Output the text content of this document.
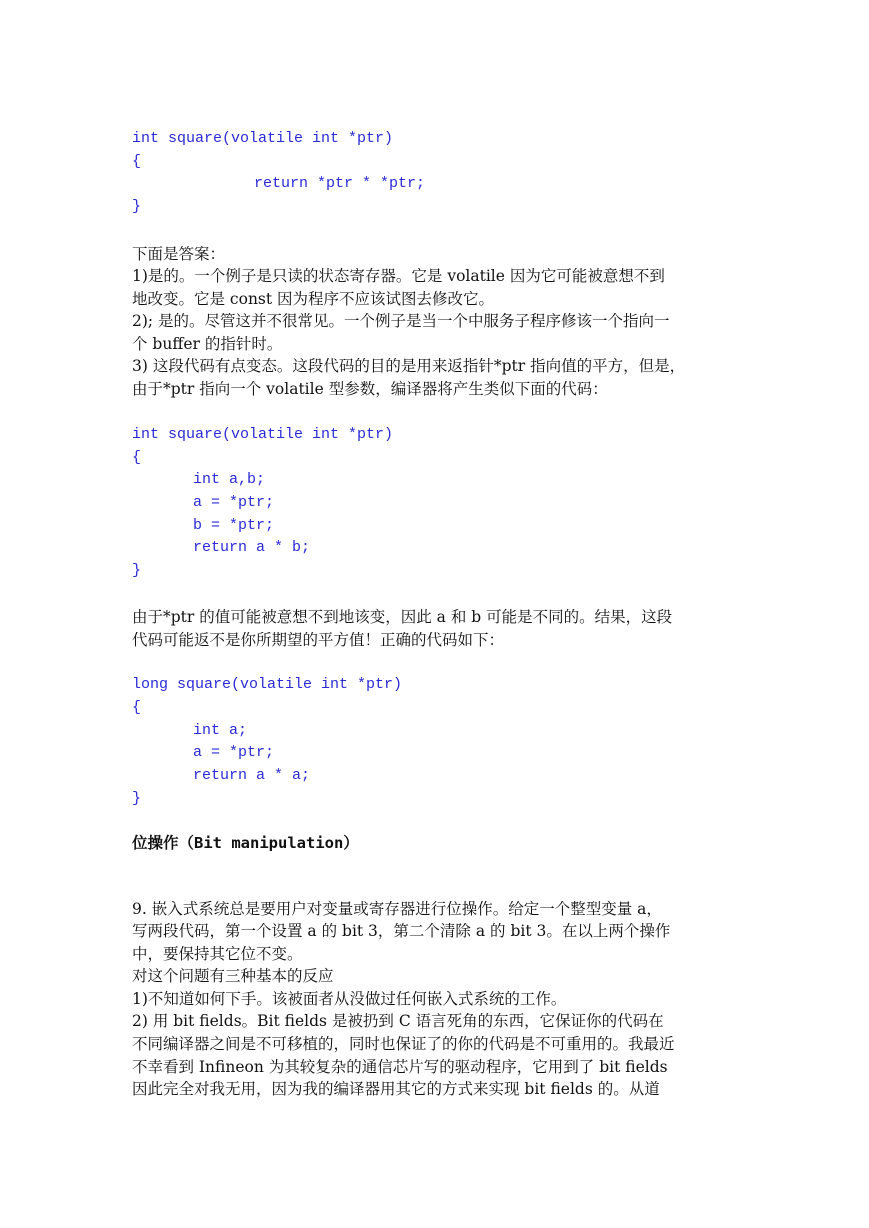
int square(volatile int *ptr)
{
return *ptr * *ptr;
}
下面是答案：
1)是的。一个例子是只读的状态寄存器。它是 volatile 因为它可能被意想不到
地改变。它是 const 因为程序不应该试图去修改它。
2); 是的。尽管这并不很常见。一个例子是当一个中服务子程序修该一个指向一
个 buffer 的指针时。
3) 这段代码有点变态。这段代码的目的是用来返指针*ptr 指向值的平方，但是，
由于*ptr 指向一个 volatile 型参数，编译器将产生类似下面的代码：
int square(volatile int *ptr)
{
int a,b;
a = *ptr;
b = *ptr;
return a * b;
}
由于*ptr 的值可能被意想不到地该变，因此 a 和 b 可能是不同的。结果，这段
代码可能返不是你所期望的平方值！正确的代码如下：
long square(volatile int *ptr)
{
int a;
a = *ptr;
return a * a;
}
位操作（Bit manipulation）
9. 嵌入式系统总是要用户对变量或寄存器进行位操作。给定一个整型变量 a，
写两段代码，第一个设置 a 的 bit 3，第二个清除 a 的 bit 3。在以上两个操作
中，要保持其它位不变。
对这个问题有三种基本的反应
1)不知道如何下手。该被面者从没做过任何嵌入式系统的工作。
2) 用 bit fields。Bit fields 是被扔到 C 语言死角的东西，它保证你的代码在
不同编译器之间是不可移植的，同时也保证了的你的代码是不可重用的。我最近
不幸看到 Infineon 为其较复杂的通信芯片写的驱动程序，它用到了 bit fields
因此完全对我无用，因为我的编译器用其它的方式来实现 bit fields 的。从道
